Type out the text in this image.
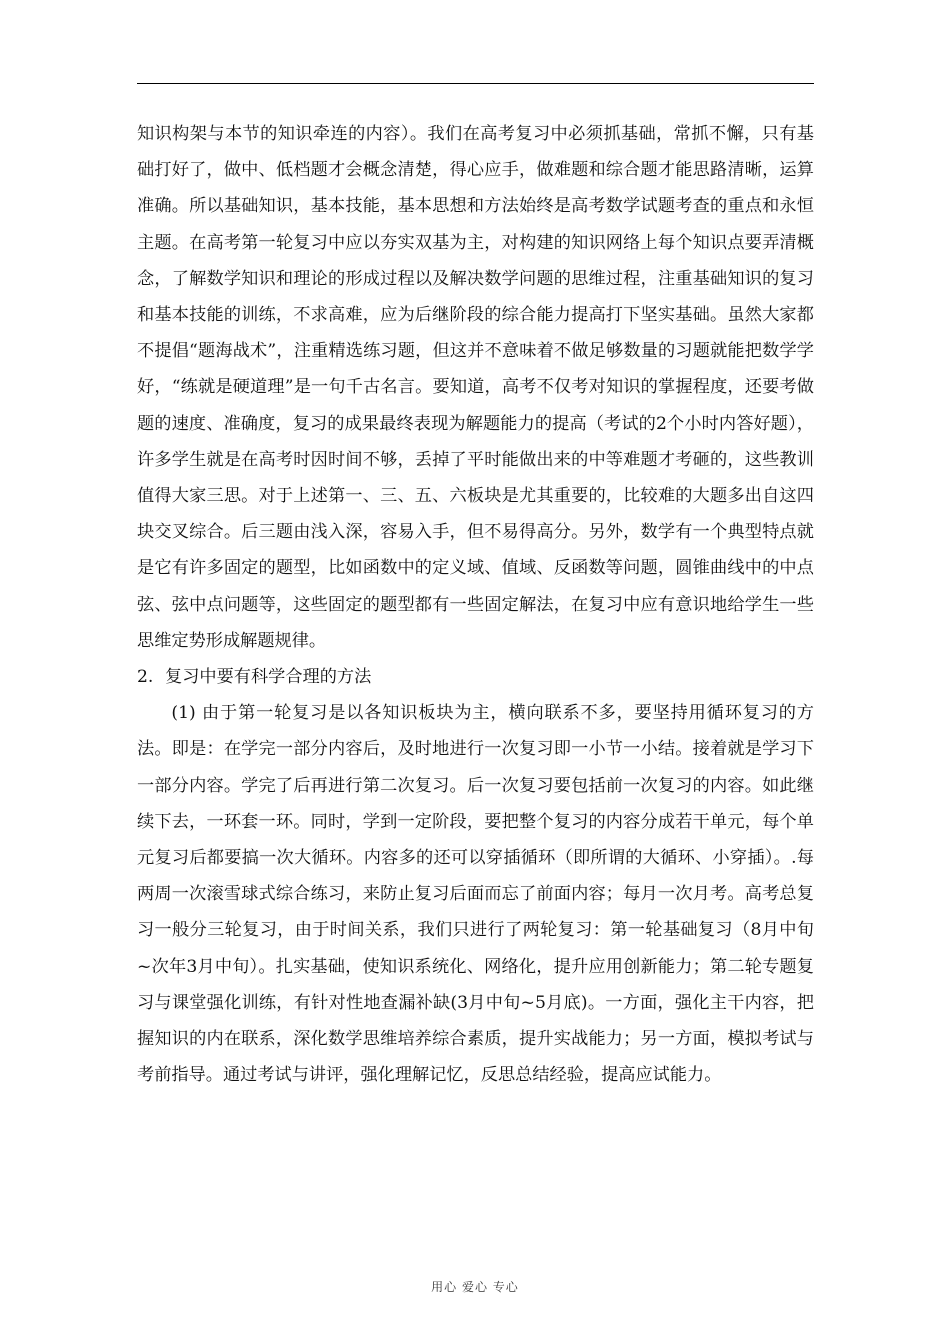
知识构架与本节的知识牵连的内容）。我们在高考复习中必须抓基础，常抓不懈，只有基础打好了，做中、低档题才会概念清楚，得心应手，做难题和综合题才能思路清晰，运算准确。所以基础知识，基本技能，基本思想和方法始终是高考数学试题考查的重点和永恒主题。在高考第一轮复习中应以夯实双基为主，对构建的知识网络上每个知识点要弄清概念，了解数学知识和理论的形成过程以及解决数学问题的思维过程，注重基础知识的复习和基本技能的训练，不求高难，应为后继阶段的综合能力提高打下坚实基础。虽然大家都不提倡“题海战术”，注重精选练习题，但这并不意味着不做足够数量的习题就能把数学学好，“练就是硬道理”是一句千古名言。要知道，高考不仅考对知识的掌握程度，还要考做题的速度、准确度，复习的成果最终表现为解题能力的提高（考试的2个小时内答好题），许多学生就是在高考时因时间不够，丢掉了平时能做出来的中等难题才考砸的，这些教训值得大家三思。对于上述第一、三、五、六板块是尤其重要的，比较难的大题多出自这四块交叉综合。后三题由浅入深，容易入手，但不易得高分。另外，数学有一个典型特点就是它有许多固定的题型，比如函数中的定义域、值域、反函数等问题，圆锥曲线中的中点弦、弦中点问题等，这些固定的题型都有一些固定解法，在复习中应有意识地给学生一些思维定势形成解题规律。

2. 复习中要有科学合理的方法

(1) 由于第一轮复习是以各知识板块为主，横向联系不多，要坚持用循环复习的方法。即是：在学完一部分内容后，及时地进行一次复习即一小节一小结。接着就是学习下一部分内容。学完了后再进行第二次复习。后一次复习要包括前一次复习的内容。如此继续下去，一环套一环。同时，学到一定阶段，要把整个复习的内容分成若干单元，每个单元复习后都要搞一次大循环。内容多的还可以穿插循环（即所谓的大循环、小穿插）。.每两周一次滚雪球式综合练习，来防止复习后面而忘了前面内容；每月一次月考。高考总复习一般分三轮复习，由于时间关系，我们只进行了两轮复习：第一轮基础复习（8月中旬~次年3月中旬）。扎实基础，使知识系统化、网络化，提升应用创新能力；第二轮专题复习与课堂强化训练，有针对性地查漏补缺(3月中旬~5月底)。一方面，强化主干内容，把握知识的内在联系，深化数学思维培养综合素质，提升实战能力；另一方面，模拟考试与考前指导。通过考试与讲评，强化理解记忆，反思总结经验，提高应试能力。

用心 爱心 专心
